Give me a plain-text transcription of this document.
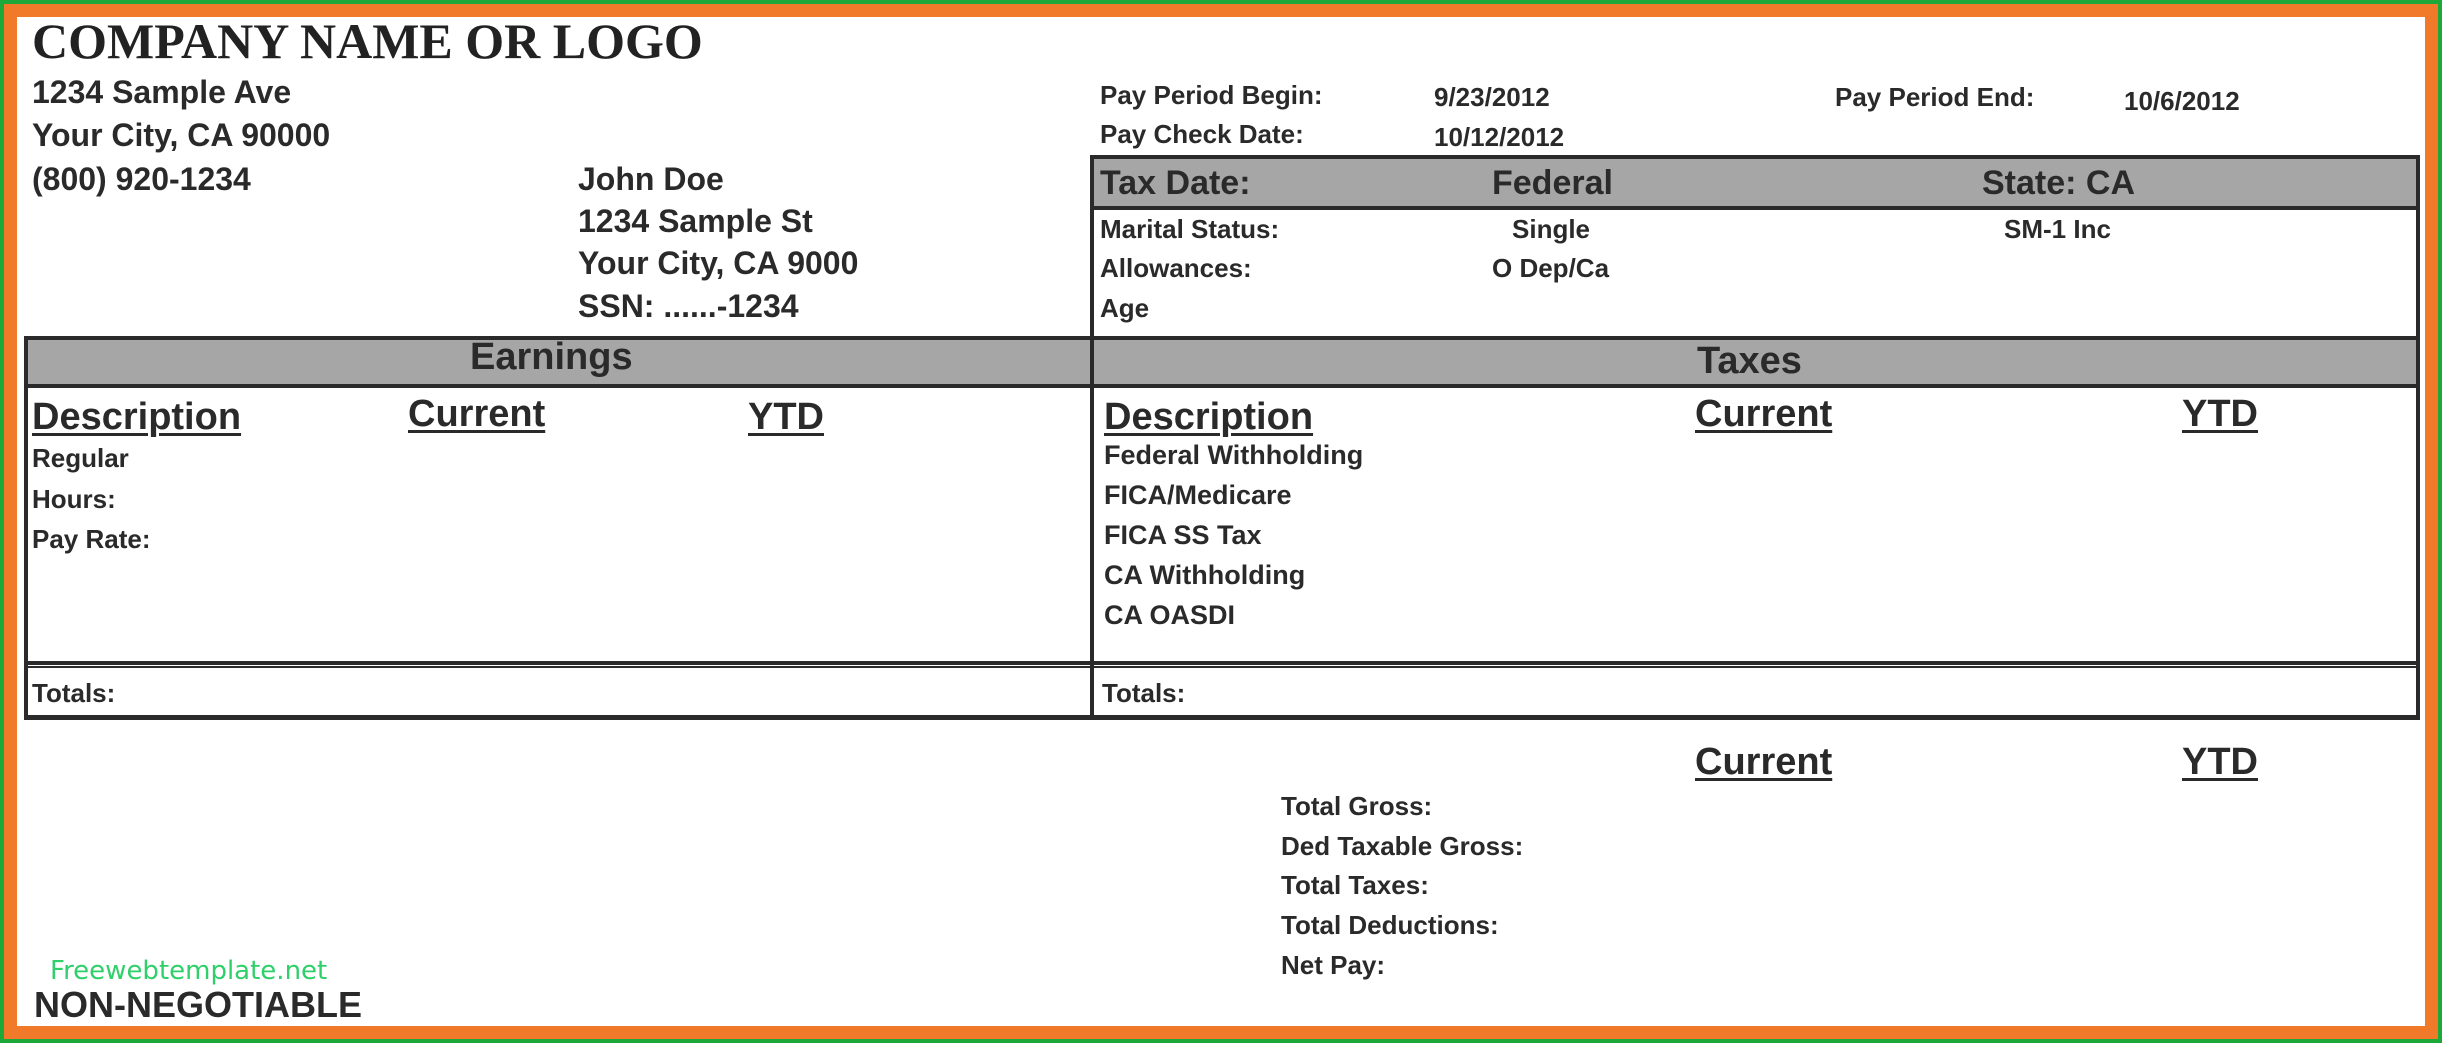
COMPANY NAME OR LOGO
1234 Sample Ave
Your City, CA 90000
(800) 920-1234	John Doe
1234 Sample St
Your City, CA 9000
SSN: ......-1234
Pay Period Begin:	9/23/2012	Pay Period End:	10/6/2012
Pay Check Date:	10/12/2012
Tax Date:	Federal	State: CA
Marital Status:	Single	SM-1 Inc
Allowances:	O Dep/Ca
Age
Earnings	Taxes
Description	Current	YTD
Regular
Hours:
Pay Rate:
Totals:
Description	Current	YTD
Federal Withholding
FICA/Medicare
FICA SS Tax
CA Withholding
CA OASDI
Totals:
Current	YTD
Total Gross:
Ded Taxable Gross:
Total Taxes:
Total Deductions:
Net Pay:
Freewebtemplate.net
NON-NEGOTIABLE
